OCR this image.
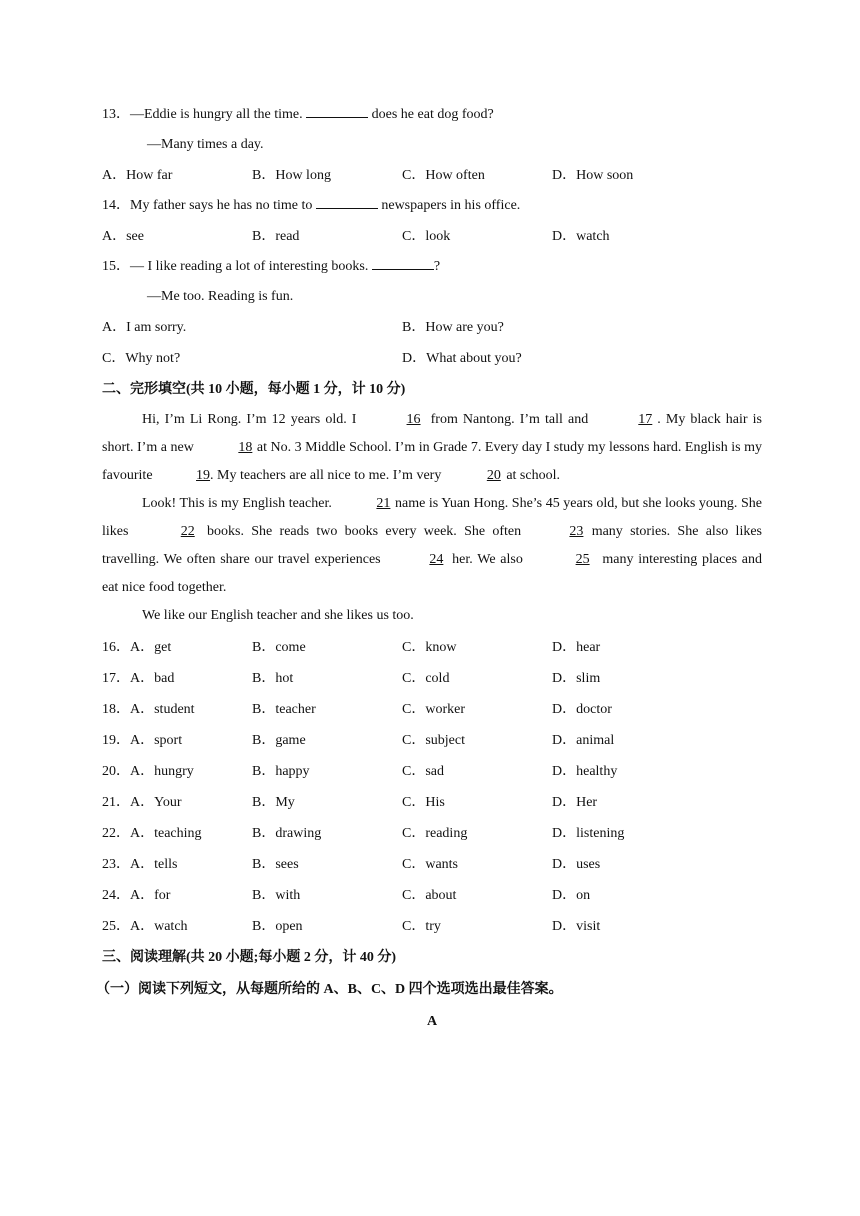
13．—Eddie is hungry all the time.	does he eat dog food?
—Many times a day.
A．How far	B．How long	C．How often	D．How soon
14．My father says he has no time to	newspapers in his office.
A．see	B．read	C．look	D．watch
15．— I like reading a lot of interesting books.	?
—Me too. Reading is fun.
A．I am sorry.	B．How are you?
C．Why not?	D．What about you?
二、完形填空(共 10 小题，每小题 1 分，计 10 分)

Hi, I’m Li Rong. I’m 12 years old. I	16 from Nantong. I’m tall and	17 . My black hair is short. I’m a new	18 at No. 3 Middle School. I’m in Grade 7. Every day I study my lessons hard. English is my favourite	19. My teachers are all nice to me. I’m very	20 at school.

Look! This is my English teacher.	21 name is Yuan Hong. She’s 45 years old, but she looks young. She likes	22 books. She reads two books every week. She often	23 many stories. She also likes travelling. We often share our travel experiences	24 her. We also	25 many interesting places and eat nice food together.

We like our English teacher and she likes us too.

16．A．get	B．come	C．know	D．hear
17．A．bad	B．hot	C．cold	D．slim
18．A．student	B．teacher	C．worker	D．doctor
19．A．sport	B．game	C．subject	D．animal
20．A．hungry	B．happy	C．sad	D．healthy
21．A．Your	B．My	C．His	D．Her
22．A．teaching	B．drawing	C．reading	D．listening
23．A．tells	B．sees	C．wants	D．uses
24．A．for	B．with	C．about	D．on
25．A．watch	B．open	C．try	D．visit
三、阅读理解(共 20 小题;每小题 2 分，计 40 分)
（一）阅读下列短文，从每题所给的 A、B、C、D 四个选项选出最佳答案。
A
